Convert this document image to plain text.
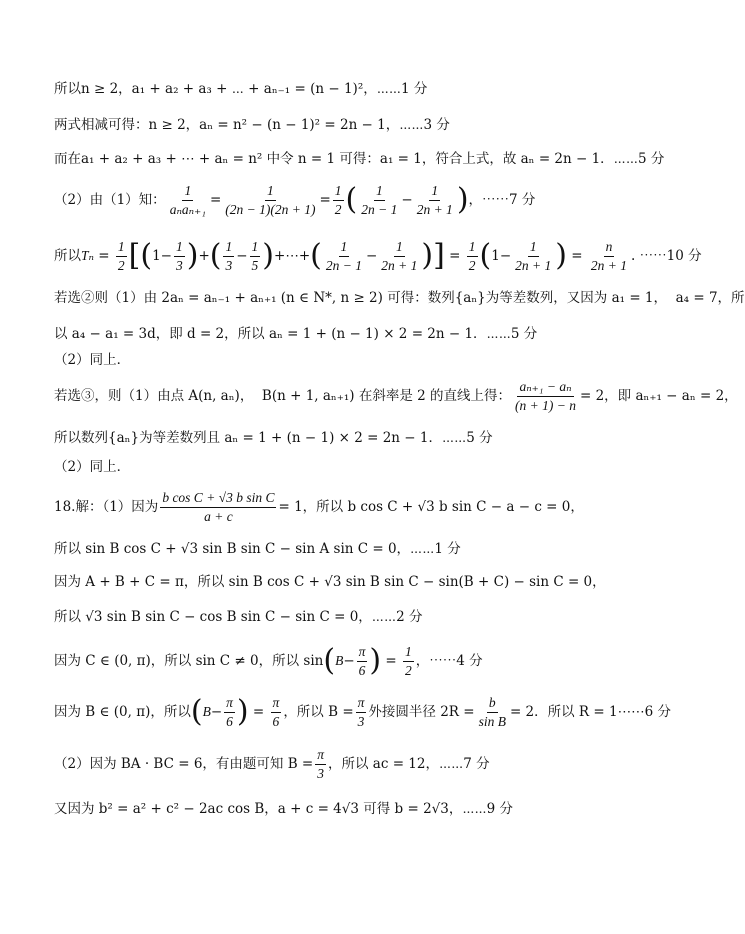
所以n ≥ 2，a₁ + a₂ + a₃ + ⋯ + aₙ₋₁ = (n − 1)²，⋯⋯1 分
两式相减可得：n ≥ 2，aₙ = n² − (n − 1)² = 2n − 1，⋯⋯3 分
而在a₁ + a₂ + a₃ + ⋯ + aₙ = n² 中令 n = 1 可得：a₁ = 1，符合上式，故 aₙ = 2n − 1．⋯⋯5 分
（2）由（1）知： $\frac{1}{\text{aₙaₙ₊₁}} = \frac{1}{(2n - 1)(2n + 1)} = \frac{1}{2}$ ( $\frac{1}{2n - 1} - \frac{1}{2n + 1}$ ) ，⋯⋯7 分
所以 $T_n = \frac{1}{2}$ [ ( $1 - \frac{1}{3}$ ) + ( $\frac{1}{3} - \frac{1}{5}$ ) + ⋯ + ( $\frac{1}{2n - 1} - \frac{1}{2n + 1}$ ) ] = $\frac{1}{2}$ ( $1 - \frac{1}{2n + 1}$ ) = $\frac{n}{2n + 1}$ . ⋯⋯10 分
若选②则（1）由 2aₙ = aₙ₋₁ + aₙ₊₁ (n ∈ N*, n ≥ 2) 可得：数列{aₙ}为等差数列，又因为 a₁ = 1，  a₄ = 7，所
以 a₄ − a₁ = 3d，即 d = 2，所以 aₙ = 1 + (n − 1) × 2 = 2n − 1．⋯⋯5 分
（2）同上．
若选③，则（1）由点 A(n, aₙ)，  B(n + 1, aₙ₊₁) 在斜率是 2 的直线上得： $\frac{\text{aₙ₊₁ − aₙ}}{(n + 1) - n} = 2$，即 aₙ₊₁ − aₙ = 2，
所以数列{aₙ}为等差数列且 aₙ = 1 + (n − 1) × 2 = 2n − 1．⋯⋯5 分
（2）同上．
18.解：（1）因为 $\frac{\text{b cos C + √3 b sin C}}{a + c} = 1$，所以 b cos C + √3 b sin C − a − c = 0，
所以 sin B cos C + √3 sin B sin C − sin A sin C = 0，⋯⋯1 分
因为 A + B + C = π，所以 sin B cos C + √3 sin B sin C − sin(B + C) − sin C = 0，
所以 √3 sin B sin C − cos B sin C − sin C = 0，⋯⋯2 分
因为 C ∈ (0, π)，所以 sin C ≠ 0，所以 sin ( $B - \frac{\pi}{6}$ ) = $\frac{1}{2}$ ，⋯⋯4 分
因为 B ∈ (0, π)，所以 ( $B - \frac{\pi}{6}$ ) = $\frac{\pi}{6}$ ，所以 $B = \frac{\pi}{3}$ 外接圆半径 $2R = \frac{b}{\text{sin B}} = 2$．所以 R = 1⋯⋯6 分
（2）因为 BA · BC = 6，有由题可知 $B = \frac{\pi}{3}$ ，所以 ac = 12，⋯⋯7 分
又因为 b² = a² + c² − 2ac cos B，a + c = 4√3 可得 b = 2√3，⋯⋯9 分
